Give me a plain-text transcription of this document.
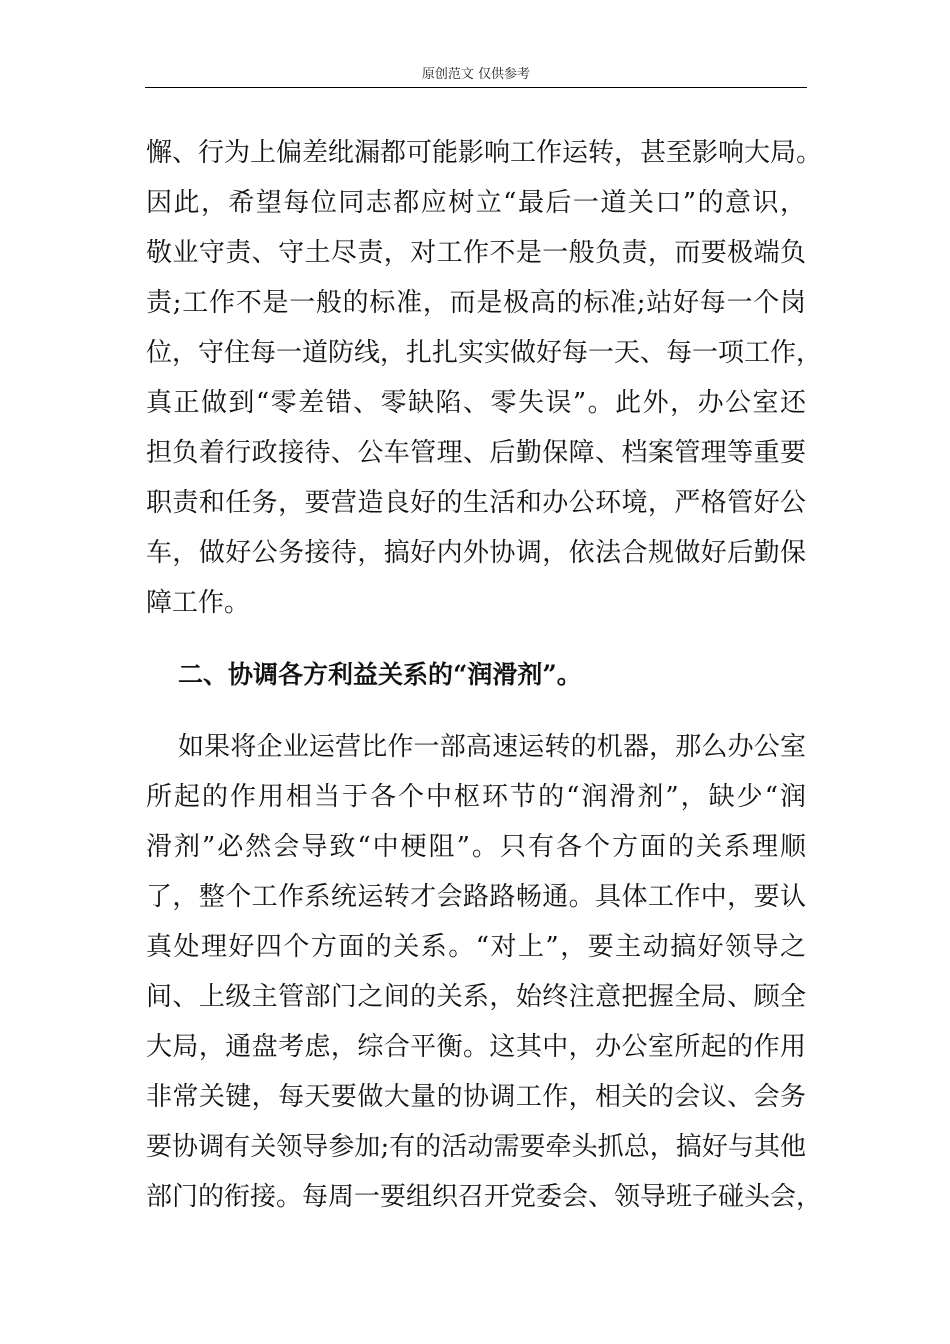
原创范文 仅供参考
懈、行为上偏差纰漏都可能影响工作运转，甚至影响大局。
因此，希望每位同志都应树立“最后一道关口”的意识，
敬业守责、守土尽责，对工作不是一般负责，而要极端负
责;工作不是一般的标准，而是极高的标准;站好每一个岗
位，守住每一道防线，扎扎实实做好每一天、每一项工作，
真正做到“零差错、零缺陷、零失误”。此外，办公室还
担负着行政接待、公车管理、后勤保障、档案管理等重要
职责和任务，要营造良好的生活和办公环境，严格管好公
车，做好公务接待，搞好内外协调，依法合规做好后勤保
障工作。
二、协调各方利益关系的“润滑剂”。
如果将企业运营比作一部高速运转的机器，那么办公室
所起的作用相当于各个中枢环节的“润滑剂”，缺少“润
滑剂”必然会导致“中梗阻”。只有各个方面的关系理顺
了，整个工作系统运转才会路路畅通。具体工作中，要认
真处理好四个方面的关系。“对上”，要主动搞好领导之
间、上级主管部门之间的关系，始终注意把握全局、顾全
大局，通盘考虑，综合平衡。这其中，办公室所起的作用
非常关键，每天要做大量的协调工作，相关的会议、会务
要协调有关领导参加;有的活动需要牵头抓总，搞好与其他
部门的衔接。每周一要组织召开党委会、领导班子碰头会，
